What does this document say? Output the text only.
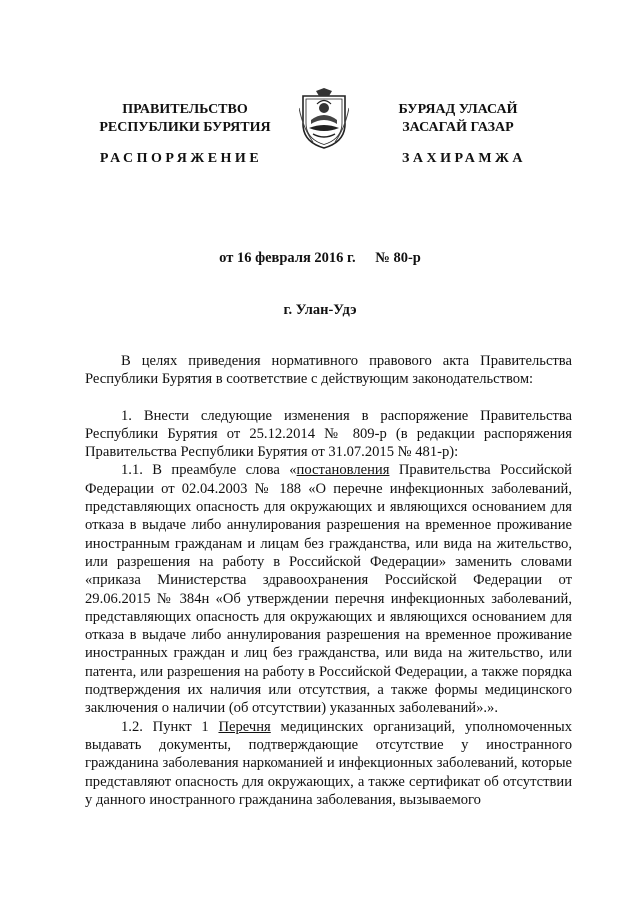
ПРАВИТЕЛЬСТВО
РЕСПУБЛИКИ БУРЯТИЯ
БУРЯАД УЛАСАЙ
ЗАСАГАЙ ГАЗАР
РАСПОРЯЖЕНИЕ	ЗАХИРАМЖА
от 16 февраля 2016 г. № 80-р
г. Улан-Удэ

В целях приведения нормативного правового акта Правительства Республики Бурятия в соответствие с действующим законодательством:

1. Внести следующие изменения в распоряжение Правительства Республики Бурятия от 25.12.2014 № 809-р (в редакции распоряжения Правительства Республики Бурятия от 31.07.2015 № 481-р):

1.1. В преамбуле слова «постановления Правительства Российской Федерации от 02.04.2003 № 188 «О перечне инфекционных заболеваний, представляющих опасность для окружающих и являющихся основанием для отказа в выдаче либо аннулирования разрешения на временное проживание иностранным гражданам и лицам без гражданства, или вида на жительство, или разрешения на работу в Российской Федерации» заменить словами «приказа Министерства здравоохранения Российской Федерации от 29.06.2015 № 384н «Об утверждении перечня инфекционных заболеваний, представляющих опасность для окружающих и являющихся основанием для отказа в выдаче либо аннулирования разрешения на временное проживание иностранных граждан и лиц без гражданства, или вида на жительство, или патента, или разрешения на работу в Российской Федерации, а также порядка подтверждения их наличия или отсутствия, а также формы медицинского заключения о наличии (об отсутствии) указанных заболеваний».».

1.2. Пункт 1 Перечня медицинских организаций, уполномоченных выдавать документы, подтверждающие отсутствие у иностранного гражданина заболевания наркоманией и инфекционных заболеваний, которые представляют опасность для окружающих, а также сертификат об отсутствии у данного иностранного гражданина заболевания, вызываемого
